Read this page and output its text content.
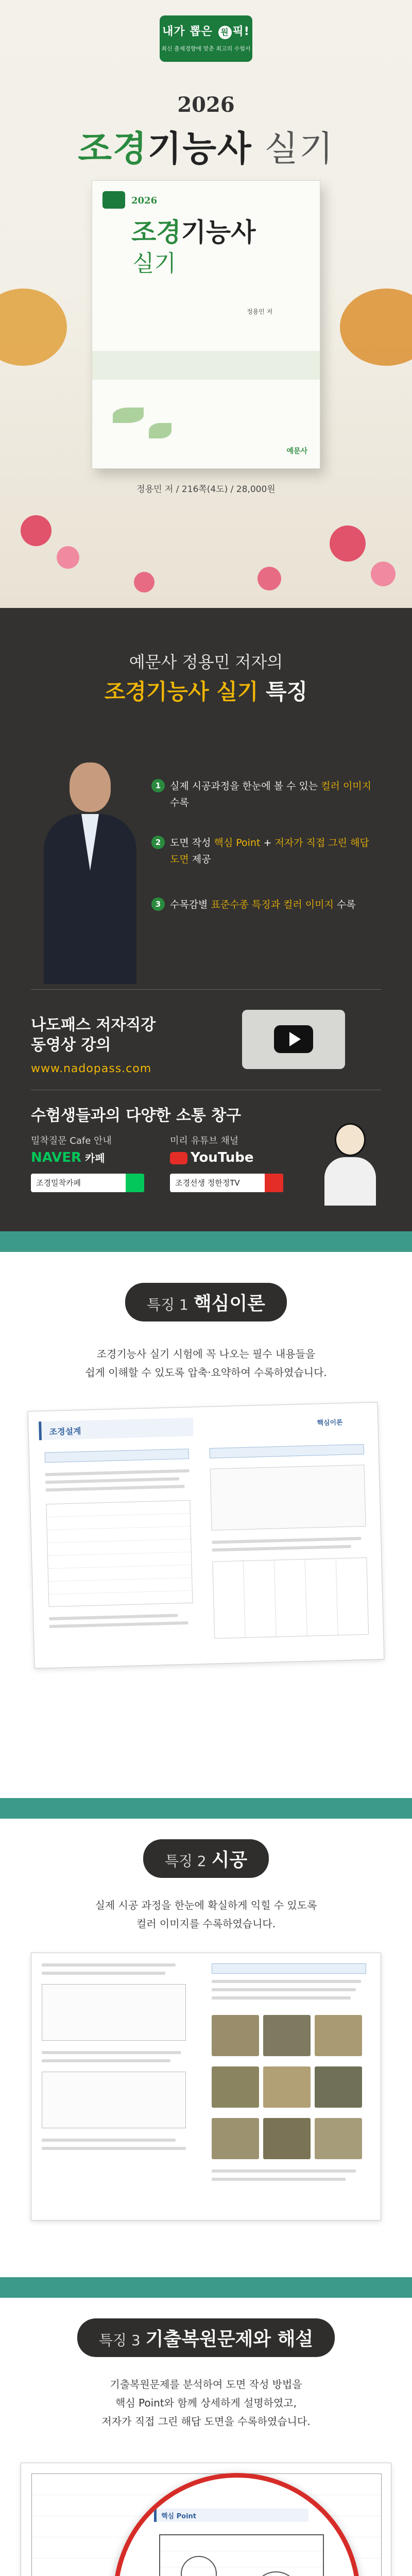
내가 뽑은 원 픽!
최신 출제경향에 맞춘 최고의 수험서
2026
조경기능사 실기
2026
조경기능사
실기
정용민 저
예문사
정용민 저 / 216쪽(4도) / 28,000원
예문사 정용민 저자의
조경기능사 실기 특징
1 실제 시공과정을 한눈에 볼 수 있는 컬러 이미지 수록
2 도면 작성 핵심 Point + 저자가 직접 그린 해답 도면 제공
3 수목감별 표준수종 특징과 컬러 이미지 수록
나도패스 저자직강
동영상 강의
www.nadopass.com
수험생들과의 다양한 소통 창구
밀착질문 Cafe 안내
NAVER 카페
조경밀착카페
미리 유튜브 채널
YouTube
조경선생 정한정TV
특징 1 핵심이론
조경기능사 실기 시험에 꼭 나오는 필수 내용들을
쉽게 이해할 수 있도록 압축·요약하여 수록하였습니다.
조경설계
핵심이론
특징 2 시공
실제 시공 과정을 한눈에 확실하게 익힐 수 있도록
컬러 이미지를 수록하였습니다.
특징 3 기출복원문제와 해설
기출복원문제를 분석하여 도면 작성 방법을
핵심 Point와 함께 상세하게 설명하였고,
저자가 직접 그린 해답 도면을 수록하였습니다.
핵심 Point
